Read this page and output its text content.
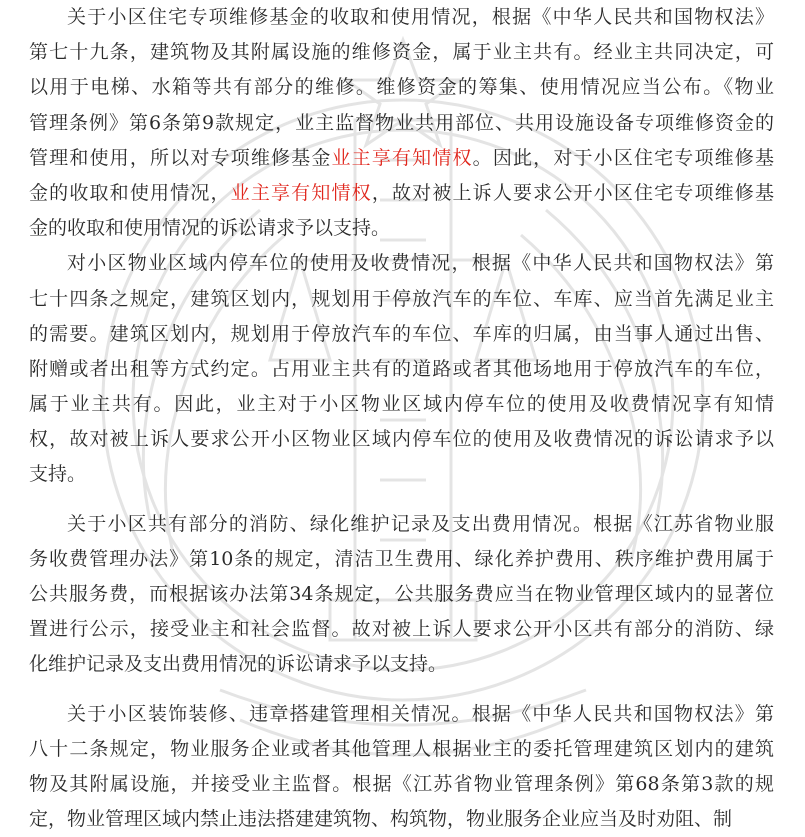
关于小区住宅专项维修基金的收取和使用情况，根据《中华人民共和国物权法》
第七十九条，建筑物及其附属设施的维修资金，属于业主共有。经业主共同决定，可
以用于电梯、水箱等共有部分的维修。维修资金的筹集、使用情况应当公布。《物业
管理条例》第6条第9款规定，业主监督物业共用部位、共用设施设备专项维修资金的
管理和使用，所以对专项维修基金业主享有知情权。因此，对于小区住宅专项维修基
金的收取和使用情况，业主享有知情权，故对被上诉人要求公开小区住宅专项维修基
金的收取和使用情况的诉讼请求予以支持。
对小区物业区域内停车位的使用及收费情况，根据《中华人民共和国物权法》第
七十四条之规定，建筑区划内，规划用于停放汽车的车位、车库、应当首先满足业主
的需要。建筑区划内，规划用于停放汽车的车位、车库的归属，由当事人通过出售、
附赠或者出租等方式约定。占用业主共有的道路或者其他场地用于停放汽车的车位，
属于业主共有。因此，业主对于小区物业区域内停车位的使用及收费情况享有知情
权，故对被上诉人要求公开小区物业区域内停车位的使用及收费情况的诉讼请求予以
支持。
关于小区共有部分的消防、绿化维护记录及支出费用情况。根据《江苏省物业服
务收费管理办法》第10条的规定，清洁卫生费用、绿化养护费用、秩序维护费用属于
公共服务费，而根据该办法第34条规定，公共服务费应当在物业管理区域内的显著位
置进行公示，接受业主和社会监督。故对被上诉人要求公开小区共有部分的消防、绿
化维护记录及支出费用情况的诉讼请求予以支持。
关于小区装饰装修、违章搭建管理相关情况。根据《中华人民共和国物权法》第
八十二条规定，物业服务企业或者其他管理人根据业主的委托管理建筑区划内的建筑
物及其附属设施，并接受业主监督。根据《江苏省物业管理条例》第68条第3款的规
定，物业管理区域内禁止违法搭建建筑物、构筑物，物业服务企业应当及时劝阻、制
